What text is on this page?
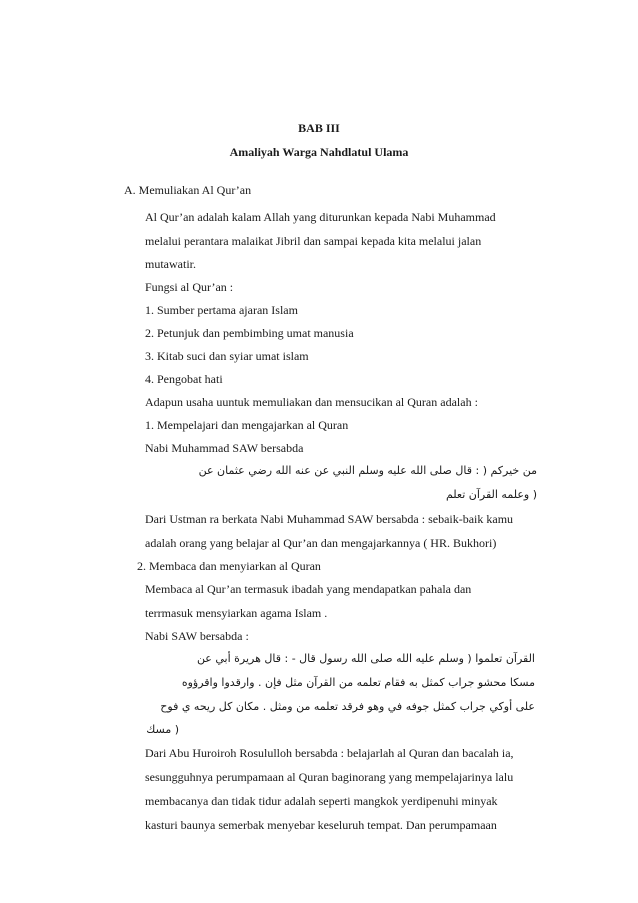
BAB III
Amaliyah Warga Nahdlatul Ulama
A. Memuliakan Al Qur’an
Al Qur’an adalah kalam Allah yang diturunkan kepada Nabi Muhammad
melalui perantara malaikat Jibril dan sampai kepada kita melalui jalan
mutawatir.
Fungsi al Qur’an :
1. Sumber pertama ajaran Islam
2. Petunjuk dan pembimbing umat manusia
3. Kitab suci dan syiar umat islam
4. Pengobat hati
Adapun usaha uuntuk memuliakan dan mensucikan al Quran adalah :
1. Mempelajari dan mengajarkan al Quran
Nabi Muhammad SAW bersabda
من خيركم ( : قال صلى الله عليه وسلم النبي عن عنه الله رضي عثمان عن
( وعلمه القرآن تعلم
Dari Ustman ra berkata Nabi Muhammad SAW bersabda : sebaik-baik kamu
adalah orang yang belajar al Qur’an dan mengajarkannya ( HR. Bukhori)
2. Membaca dan menyiarkan al Quran
Membaca al Qur’an termasuk ibadah yang mendapatkan pahala dan
terrmasuk mensyiarkan agama Islam .
Nabi SAW bersabda :
القرآن تعلموا ( وسلم عليه الله صلى الله رسول قال - : قال هريرة أبي عن
مسكا محشو جراب كمثل به فقام تعلمه من القرآن مثل فإن . وارقدوا واقرؤوه
على أوكي جراب كمثل جوفه في وهو فرقد تعلمه من ومثل . مكان كل ريحه ي فوح
( مسك
Dari Abu Huroiroh Rosululloh bersabda : belajarlah al Quran dan bacalah ia,
sesungguhnya perumpamaan al Quran baginorang yang mempelajarinya lalu
membacanya dan tidak tidur adalah seperti mangkok yerdipenuhi minyak
kasturi baunya semerbak menyebar keseluruh tempat. Dan perumpamaan
